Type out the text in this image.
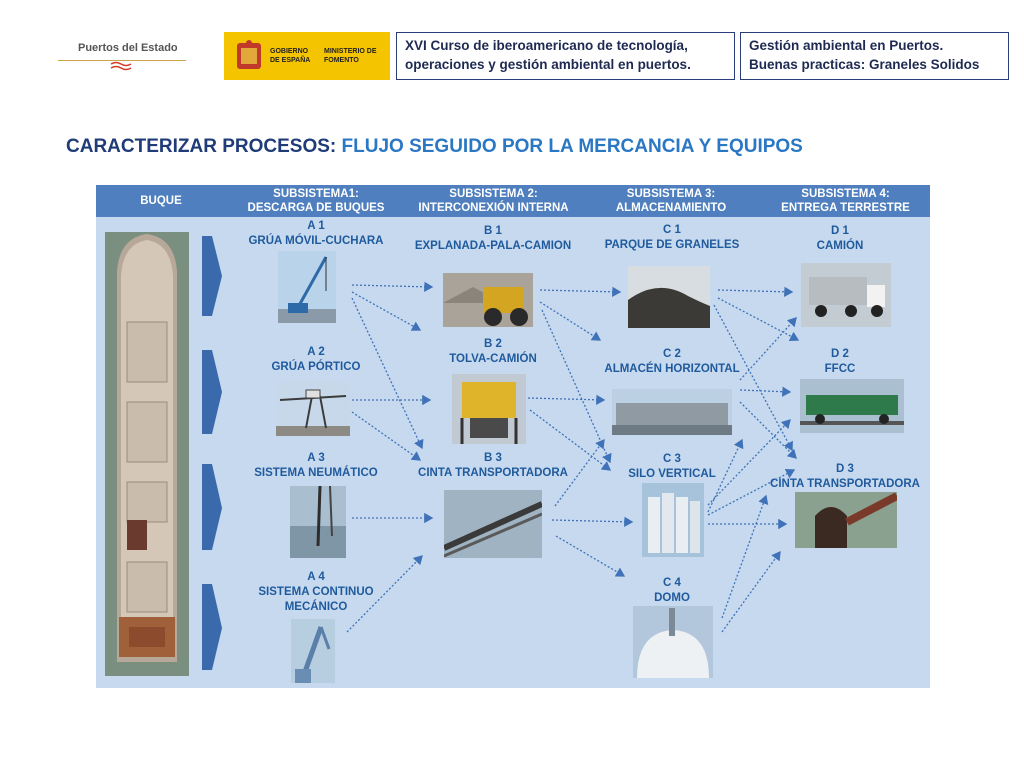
Puertos del Estado	GOBIERNO DE ESPAÑA
MINISTERIO DE FOMENTO
XVI Curso de iberoamericano de tecnología,
operaciones y gestión ambiental en puertos.
Gestión ambiental en Puertos.
Buenas practicas: Graneles Solidos
CARACTERIZAR PROCESOS: FLUJO SEGUIDO POR LA MERCANCIA Y EQUIPOS
BUQUE
SUBSISTEMA1:
DESCARGA DE BUQUES
SUBSISTEMA 2:
INTERCONEXIÓN INTERNA
SUBSISTEMA 3:
ALMACENAMIENTO
SUBSISTEMA 4:
ENTREGA TERRESTRE
A 1
GRÚA MÓVIL-CUCHARA
A 2
GRÚA PÓRTICO
A 3
SISTEMA NEUMÁTICO
A 4
SISTEMA CONTINUO
MECÁNICO
B 1
EXPLANADA-PALA-CAMION
B 2
TOLVA-CAMIÓN
B 3
CINTA TRANSPORTADORA
C 1
PARQUE DE GRANELES
C 2
ALMACÉN HORIZONTAL
C 3
SILO VERTICAL
C 4
DOMO
D 1
CAMIÓN
D 2
FFCC
D 3
CINTA TRANSPORTADORA
